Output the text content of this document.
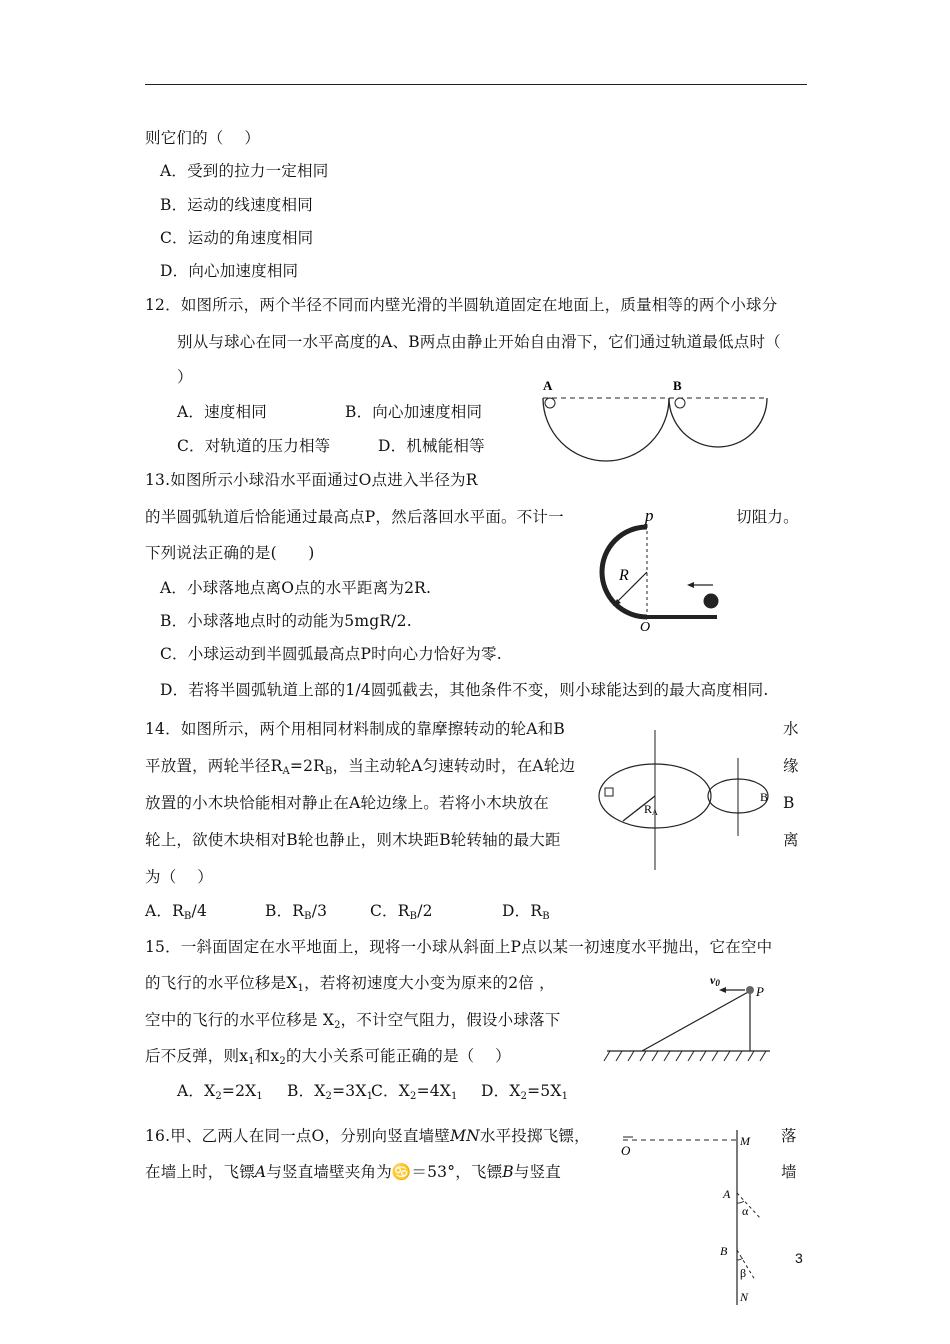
则它们的（　 ）
A．受到的拉力一定相同
B．运动的线速度相同
C．运动的角速度相同
D．向心加速度相同
12．如图所示，两个半径不同而内壁光滑的半圆轨道固定在地面上，质量相等的两个小球分
别从与球心在同一水平高度的A、B两点由静止开始自由滑下，它们通过轨道最低点时（
）
A．速度相同	B．向心加速度相同
C．对轨道的压力相等	D．机械能相等
A	B
13.如图所示小球沿水平面通过O点进入半径为R
的半圆弧轨道后恰能通过最高点P，然后落回水平面。不计一	切阻力。
下列说法正确的是(　　)
A．小球落地点离O点的水平距离为2R.
B．小球落地点时的动能为5mgR/2.
C．小球运动到半圆弧最高点P时向心力恰好为零.
D．若将半圆弧轨道上部的1/4圆弧截去，其他条件不变，则小球能达到的最大高度相同.
p
R
O
14．如图所示，两个用相同材料制成的靠摩擦转动的轮A和B	水
平放置，两轮半径$R_A=2R_B$，当主动轮A匀速转动时，在A轮边	缘
放置的小木块恰能相对静止在A轮边缘上。若将小木块放在	B
轮上，欲使木块相对B轮也静止，则木块距B轮转轴的最大距	离
为（　 ）
A．$R_B/4$	B．$R_B/3$	C．$R_B/2$	D．$R_B$
RA
B
15．一斜面固定在水平地面上，现将一小球从斜面上P点以某一初速度水平抛出，它在空中
的飞行的水平位移是$X_1$，若将初速度大小变为原来的2倍 ，
空中的飞行的水平位移是 $X_2$，不计空气阻力，假设小球落下
后不反弹，则$x_1$和$x_2$的大小关系可能正确的是（　 ）
A．$X_2=2X_1$ B．$X_2=3X_1$
C．$X_2=4X_1$ D．$X_2=5X_1$
v0
P
16.甲、乙两人在同一点O，分别向竖直墙壁MN水平投掷飞镖，	落
在墙上时，飞镖A与竖直墙壁夹角为♋＝53°，飞镖B与竖直	墙
O
M
A
α
B
β
N
3
